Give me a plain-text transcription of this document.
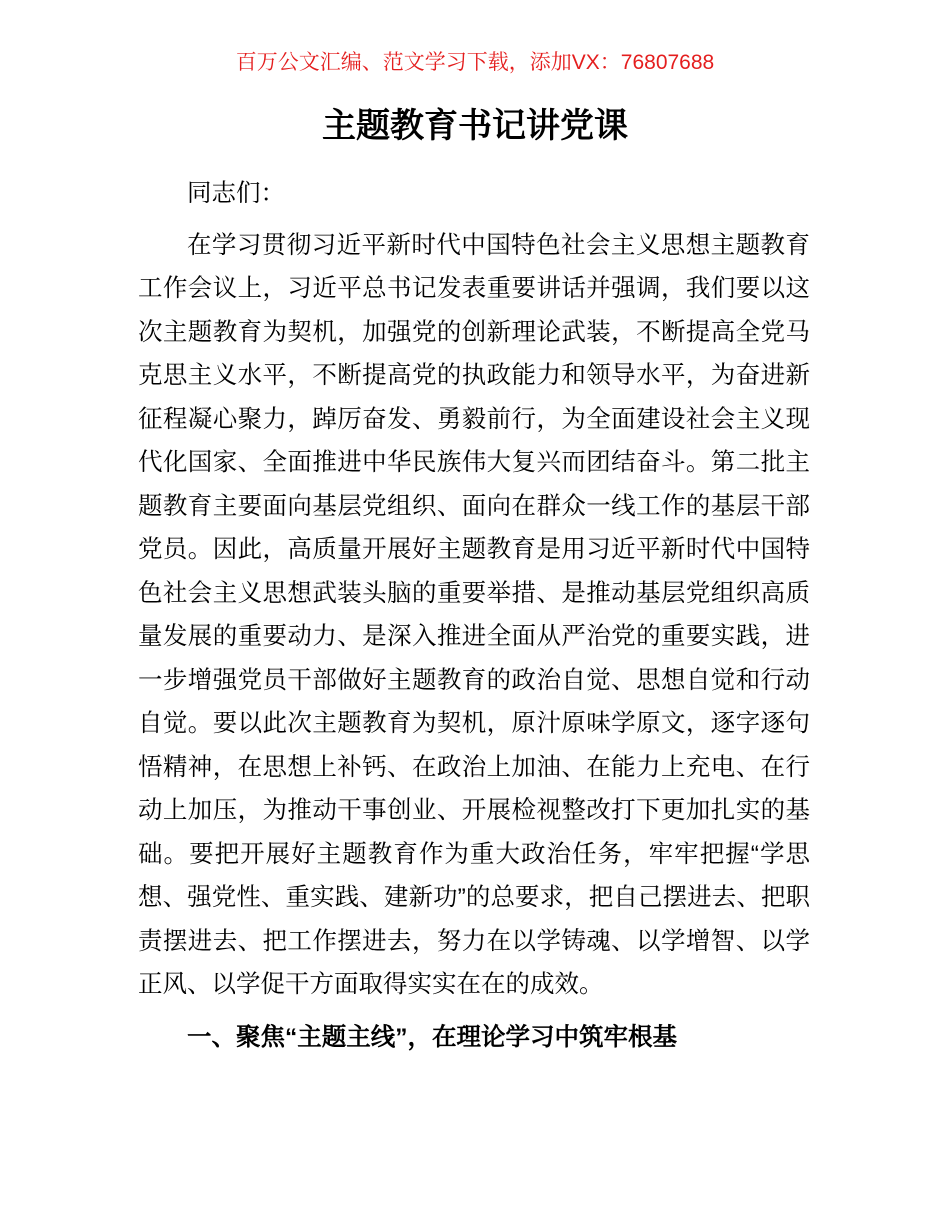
百万公文汇编、范文学习下载，添加VX：76807688

主题教育书记讲党课

同志们：

在学习贯彻习近平新时代中国特色社会主义思想主题教育工作会议上，习近平总书记发表重要讲话并强调，我们要以这次主题教育为契机，加强党的创新理论武装，不断提高全党马克思主义水平，不断提高党的执政能力和领导水平，为奋进新征程凝心聚力，踔厉奋发、勇毅前行，为全面建设社会主义现代化国家、全面推进中华民族伟大复兴而团结奋斗。第二批主题教育主要面向基层党组织、面向在群众一线工作的基层干部党员。因此，高质量开展好主题教育是用习近平新时代中国特色社会主义思想武装头脑的重要举措、是推动基层党组织高质量发展的重要动力、是深入推进全面从严治党的重要实践，进一步增强党员干部做好主题教育的政治自觉、思想自觉和行动自觉。要以此次主题教育为契机，原汁原味学原文，逐字逐句悟精神，在思想上补钙、在政治上加油、在能力上充电、在行动上加压，为推动干事创业、开展检视整改打下更加扎实的基础。要把开展好主题教育作为重大政治任务，牢牢把握“学思想、强党性、重实践、建新功”的总要求，把自己摆进去、把职责摆进去、把工作摆进去，努力在以学铸魂、以学增智、以学正风、以学促干方面取得实实在在的成效。

一、聚焦“主题主线”，在理论学习中筑牢根基
